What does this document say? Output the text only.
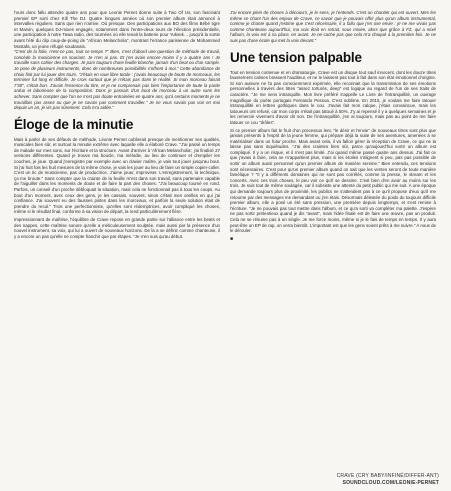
l'ours donc fallu attendre quatre ans pour que Leonie Pernet donne suite à Two Of Us, son fascinant premier EP sorti chez Kill The DJ. Quatre longues années où son premier album était annoncé à intervalles réguliers. Sans que rien n'arrive. Où presque. Des participations aux BO des films Bébé tigre et Marvin, quelques DJ-mixes engagés, notamment dans l'entre-deux tours de l'élection présidentielle, une participation à notre Tawa radio, des tournées où elle tenait la batterie pour Yuksek… jusqu'à la sortie avant l'été du clip coup-de-poing de "African Melancholia", montrant l'errance parisienne de Mohammed Mostafa, un jeune réfugié soudanais.

"C'est de la folie, n'est-ce pas, tout ce temps ?" Bien, c'est d'abord une question de méthode de travail, concède la musicienne en souriant. Je n'en ai pas. Et j'en avais encore moins il y a quatre ans ! Je travaille sans cahier des charges. Je pars toujours d'une feuille blanche, jamais d'un beat ou d'un sample. Je pose de plusieurs instruments, donc de nombreuses possibilités s'offrent à moi." Cette abondance de choix finit par lui jouer des tours. "J'étais en roue libre totale : j'avais beaucoup de bouts de morceaux, les terminer fut long et difficile. Je crois surtout que je n'étais pas dans le réalité. Si mon morceau faisait 7'30", c'était bon. J'avais l'essence du titre, et je ne comprenais pas bien l'importance de toute la partie arduo et laborieuse de la composition. Donc je passais d'un bout de morceau à un autre sans les achever. Sans compter que l'on ne s'est pas doute entrainées en quatre ans, qu'à certains moments je ne travaillais pas assez ou que je ne savais pas comment travailler." Je ne vous savais pas voir en moi depuis un an, je vis pas sûrement. Cela m'a aidée."

Éloge de la minutie

Mais à parler de ses défauts de méthode, Léonie Pernet oublierait presque de mentionner ses qualités, musicales bien sûr, et surtout la minutie extrême avec laquelle elle a élaboré Crave. "J'ai passé un temps de malade sur mes sons, sur l'écriture et la structure. Avant d'arriver à 'African Melancholia', j'ai finalisé 27 versions différentes. Quand je trouve ma boucle, ma mélodie, au lieu de continuer et d'empiler les couches, je joue. Quand j'enregistre par exemple avec un clavier maître, je vais tout jouer jusqu'au bout. Si j'ai huit fois les huit mesures de la même chose, je vais les jouer au lieu de faire un simple copier-coller. C'est un tic de musicienne, pas de productrice. J'aime jouer, improviser. L'enregistrement, la technique, ça me broute." Sans compter que la crainte de la feuille m'est dans son travail, sans partenaire capable de l'aiguiller dans les moments de doute et de faire la part des choses. "J'ai beaucoup tourné en rond. Parfois, un conseil d'un proche débloquait la situation, mais cela ne fonctionnait pas à tous les coups. Au bout d'un moment, avec ceux des gens, je les cassais, souvent, sinon c'était mes oreilles en qui j'ai confiance. J'ai souvent eu des fausses pistes dans les morceaux, et parfois la seule solution était de prendre du recul." Trois une perfectionniste, qu'elles sont rédemptrices, avoir compliqué les choses, même si le résultat final, conforme à sa vision de départ, la rend particulièrement fière.

Impressionnant de maîtrise, l'équilibre de Crave repose en grande partie sur l'alliance entre les beats et des nappes, cette maîtrise sonore qu'elle a méticuleusement sculptée, mais aussi par la présence d'un nouvel instrument, sa voix, qui lui a ouvert de nouveaux horizons. De la a se définir comme chanteuse, il y a encore un pas qu'elle ne compte franchir que par étapes. "Je n'en suis qu'au début.

J'ai encore plein de choses à découvrir, je le sens, je l'entends. C'est un chantier qui est ouvert. Mes les même ce chant l'un des enjeux de Crave, ce savoir que je pouvais offrir plus qu'un album instrumental, comme je chante quand j'estime que c'est nécessaire, il a fallu que j'en ose envie : je ne me vivais pas comme chanteuse aujourd'hui, ma voix était en retrait, sous mixée, alors que grâce à FZ, qui a mixé l'album, la voix est à sa place, en avant. Je ne cache pas que cela m'a choqué à la première fois. Je ne suis pas d'une école qui met la voix devant."

Une tension palpable

Tout en tension contenue et en dramaturgie, Crave est un disque tout sauf innocent, dont les douze titres faussement calmes brassent l'auditeur, et ne le laissent pas tout à fait dans son état émotionnel d'origine. Si son auteure ne l'a pas consciemment exprimée, elle reconnait que la transmission de ses émotions personnelles à travers des titres "assez torturés, deep" est logique au regard de l'un de ses traits de caractère. "Je me sens intranquille. Mon livre préféré s'appelle Le Livre de l'intranquillité, un ouvrage magnifique du poète portugais Fernando Pessoa. C'est sublime. En 2015, je voulais me faire tatouer intranquillité en lettres gothiques dans le cou. J'avais fait mon calque, j'étais convaincue, mais les tatoueurs ont refusé, car mon corps n'était pas tatoué à 50%. J'y ai repensé il y a quelques semaines et je les remercie vivement d'avoir dit non. De l'intranquillité, j'en ai toujours, mais pas au point de me faire tatouer ce cou "drôles".

Si ce premier album fait le fruit d'un processus lent, "le désir et l'envie" de nouveaux titres sont plus que jamais présents à l'esprit de la jeune femme, qui prépare déjà la suite de ses aventures, amenées à se matérialiser dans un futur proche. Mais avant cela, il va falloir gérer la réception de Crave, ce qui ne la laisse pas sans inquiétudes. "J'ai des craintes bien sûr, parce qu'aujourd'hui sortir un album est compliqué. Il y a un risque, et il n'est pas limité. J'ai quand même passé quatre ans dessus. J'ai fait ce que j'avais à faire, cela ne m'appartient plus, mais si les étoiles s'alignent si peu, pas pas possible de sortir un album aussi personnel qu'un premier album de manière sereine." Bien entendu, ces tensions sont nécessaires. C'est pour qu'un premier album quand on sait que les ventes seront de toute manière famélique ? "Il y a différents domaines qui ne sont pas corrélés, comme la presse, le stream et les concerts. Avec ces trois choses, le peu voir ce qu'il se dessine. C'est bien d'en avoir au moins sur les trois. Je suis tout de même soulagée, car il subsiste une attente du petit public qui me suit. A une époque qui demande toujours plus de proximité, les publics ne s'attendent pas à ce qu'il propose d'eux qu'il me retourne par des messages me demandant ou j'en étais. Désormais délestée du poids du toujours difficile premier album, elle a posé un été sans pression, une première depuis longtemps, et s'est remise à l'écriture. "Je ne pouvais pas tout mettre dans l'album, et ce qu'a sorti va compléter ma palette. J'espère ne pas sortir prétentieux quand je dis "avant", mais l'idée finale est de faire une œuvre, pas un produit. Cela ne se résume pas à un single. Je me force moins, même si je le fais de temps en temps. Il y aura peut-être un EP de rap, on verra bientôt. L'important est que les gens soient prêts à me suivre." A nous de le dérouler.

■
CRAVE (CRY BABY/INFINÉ/DIFFER-ANT)
SOUNDCLOUD.COM/LEONIE-PERNET
